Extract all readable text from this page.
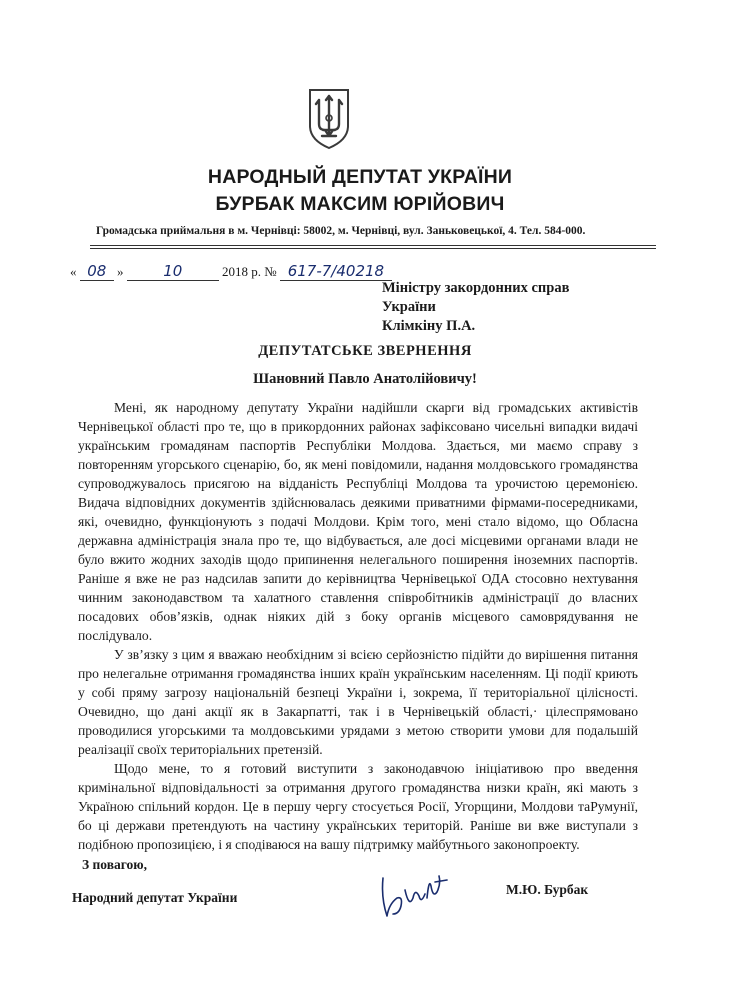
НАРОДНЫЙ ДЕПУТАТ УКРАЇНИ
БУРБАК МАКСИМ ЮРІЙОВИЧ
Громадська приймальня в м. Чернівці: 58002, м. Чернівці, вул. Заньковецької, 4. Тел. 584-000.
« 08 »	10	2018 р. № 617-7/40218
Міністру закордонних справ
України
Клімкіну П.А.
ДЕПУТАТСЬКЕ ЗВЕРНЕННЯ
Шановний Павло Анатолійовичу!

Мені, як народному депутату України надійшли скарги від громадських активістів Чернівецької області про те, що в прикордонних районах зафіксовано чисельні випадки видачі українським громадянам паспортів Республіки Молдова. Здається, ми маємо справу з повторенням угорського сценарію, бо, як мені повідомили, надання молдовського громадянства супроводжувалось присягою на відданість Республіці Молдова та урочистою церемонією. Видача відповідних документів здійснювалась деякими приватними фірмами-посередниками, які, очевидно, функціонують з подачі Молдови. Крім того, мені стало відомо, що Обласна державна адміністрація знала про те, що відбувається, але досі місцевими органами влади не було вжито жодних заходів щодо припинення нелегального поширення іноземних паспортів. Раніше я вже не раз надсилав запити до керівництва Чернівецької ОДА стосовно нехтування чинним законодавством та халатного ставлення співробітників адміністрації до власних посадових обов’язків, однак ніяких дій з боку органів місцевого самоврядування не послідувало.

У зв’язку з цим я вважаю необхідним зі всією серйозністю підійти до вирішення питання про нелегальне отримання громадянства інших країн українським населенням. Ці події криють у собі пряму загрозу національній безпеці України і, зокрема, її територіальної цілісності. Очевидно, що дані акції як в Закарпатті, так і в Чернівецькій області,· цілеспрямовано проводилися угорськими та молдовськими урядами з метою створити умови для подальшій реалізації своїх територіальних претензій.

Щодо мене, то я готовий виступити з законодавчою ініціативою про введення кримінальної відповідальності за отримання другого громадянства низки країн, які мають з Україною спільний кордон. Це в першу чергу стосується Росії, Угорщини, Молдови таРумунії, бо ці держави претендують на частину українських територій. Раніше ви вже виступали з подібною пропозицією, і я сподіваюся на вашу підтримку майбутнього законопроекту.

З повагою,
Народний депутат України
М.Ю. Бурбак
